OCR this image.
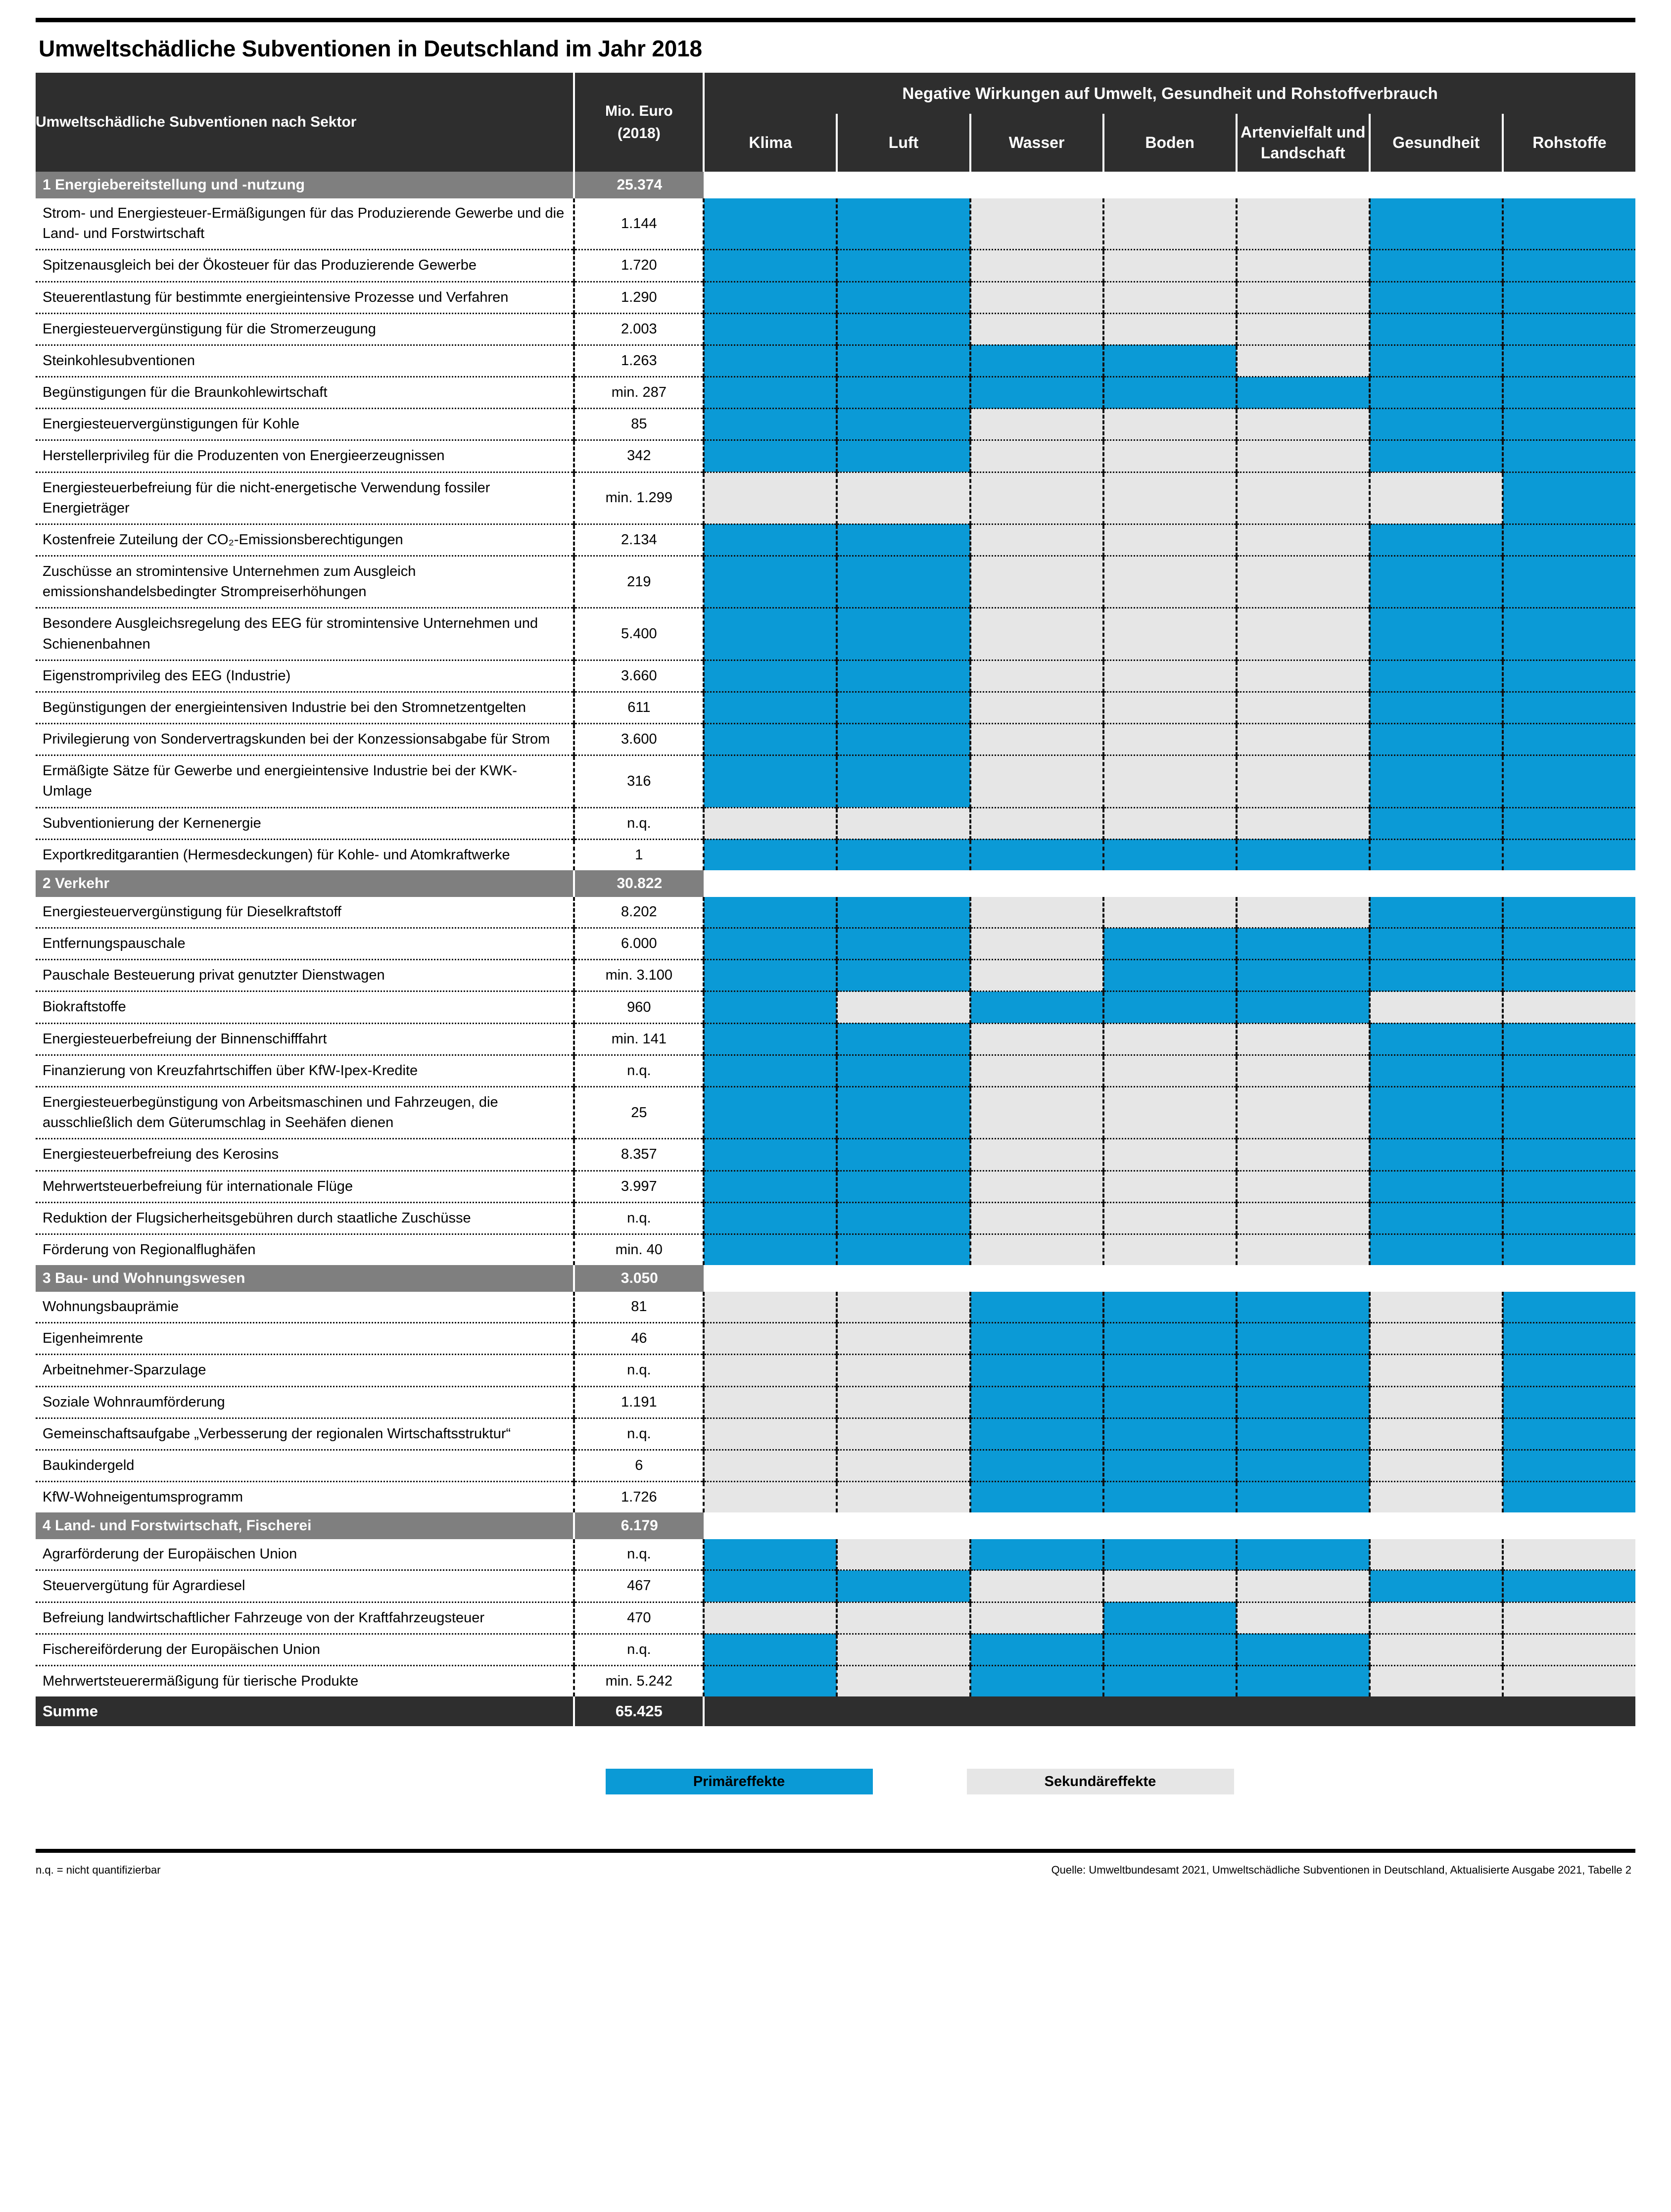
Umweltschädliche Subventionen in Deutschland im Jahr 2018
Umweltschädliche Subventionen nach Sektor	Mio. Euro
(2018)	Negative Wirkungen auf Umwelt, Gesundheit und Rohstoffverbrauch						
		Klima	Luft	Wasser	Boden	Artenvielfalt und Landschaft	Gesundheit	Rohstoffe
1 Energiebereitstellung und -nutzung	25.374							
Strom- und Energiesteuer-Ermäßigungen für das Produzierende Gewerbe und die Land- und Forstwirtschaft	1.144							
Spitzenausgleich bei der Ökosteuer für das Produzierende Gewerbe	1.720							
Steuerentlastung für bestimmte energieintensive Prozesse und Verfahren	1.290							
Energiesteuervergünstigung für die Stromerzeugung	2.003							
Steinkohlesubventionen	1.263							
Begünstigungen für die Braunkohlewirtschaft	min. 287							
Energiesteuervergünstigungen für Kohle	85							
Herstellerprivileg für die Produzenten von Energieerzeugnissen	342							
Energiesteuerbefreiung für die nicht-energetische Verwendung fossiler Energieträger	min. 1.299							
Kostenfreie Zuteilung der CO₂-Emissionsberechtigungen	2.134							
Zuschüsse an stromintensive Unternehmen zum Ausgleich emissionshandelsbedingter Strompreiserhöhungen	219							
Besondere Ausgleichsregelung des EEG für stromintensive Unternehmen und Schienenbahnen	5.400							
Eigenstromprivileg des EEG (Industrie)	3.660							
Begünstigungen der energieintensiven Industrie bei den Stromnetzentgelten	611							
Privilegierung von Sondervertragskunden bei der Konzessionsabgabe für Strom	3.600							
Ermäßigte Sätze für Gewerbe und energieintensive Industrie bei der KWK-Umlage	316							
Subventionierung der Kernenergie	n.q.							
Exportkreditgarantien (Hermesdeckungen) für Kohle- und Atomkraftwerke	1							
2 Verkehr	30.822							
Energiesteuervergünstigung für Dieselkraftstoff	8.202							
Entfernungspauschale	6.000							
Pauschale Besteuerung privat genutzter Dienstwagen	min. 3.100							
Biokraftstoffe	960							
Energiesteuerbefreiung der Binnenschifffahrt	min. 141							
Finanzierung von Kreuzfahrtschiffen über KfW-Ipex-Kredite	n.q.							
Energiesteuerbegünstigung von Arbeitsmaschinen und Fahrzeugen, die ausschließlich dem Güterumschlag in Seehäfen dienen	25							
Energiesteuerbefreiung des Kerosins	8.357							
Mehrwertsteuerbefreiung für internationale Flüge	3.997							
Reduktion der Flugsicherheitsgebühren durch staatliche Zuschüsse	n.q.							
Förderung von Regionalflughäfen	min. 40							
3 Bau- und Wohnungswesen	3.050							
Wohnungsbauprämie	81							
Eigenheimrente	46							
Arbeitnehmer-Sparzulage	n.q.							
Soziale Wohnraumförderung	1.191							
Gemeinschaftsaufgabe „Verbesserung der regionalen Wirtschaftsstruktur“	n.q.							
Baukindergeld	6							
KfW-Wohneigentumsprogramm	1.726							
4 Land- und Forstwirtschaft, Fischerei	6.179							
Agrarförderung der Europäischen Union	n.q.							
Steuervergütung für Agrardiesel	467							
Befreiung landwirtschaftlicher Fahrzeuge von der Kraftfahrzeugsteuer	470							
Fischereiförderung der Europäischen Union	n.q.							
Mehrwertsteuerermäßigung für tierische Produkte	min. 5.242							
Summe	65.425							
Primäreffekte	Sekundäreffekte
n.q. = nicht quantifizierbar	Quelle: Umweltbundesamt 2021, Umweltschädliche Subventionen in Deutschland, Aktualisierte Ausgabe 2021, Tabelle 2
